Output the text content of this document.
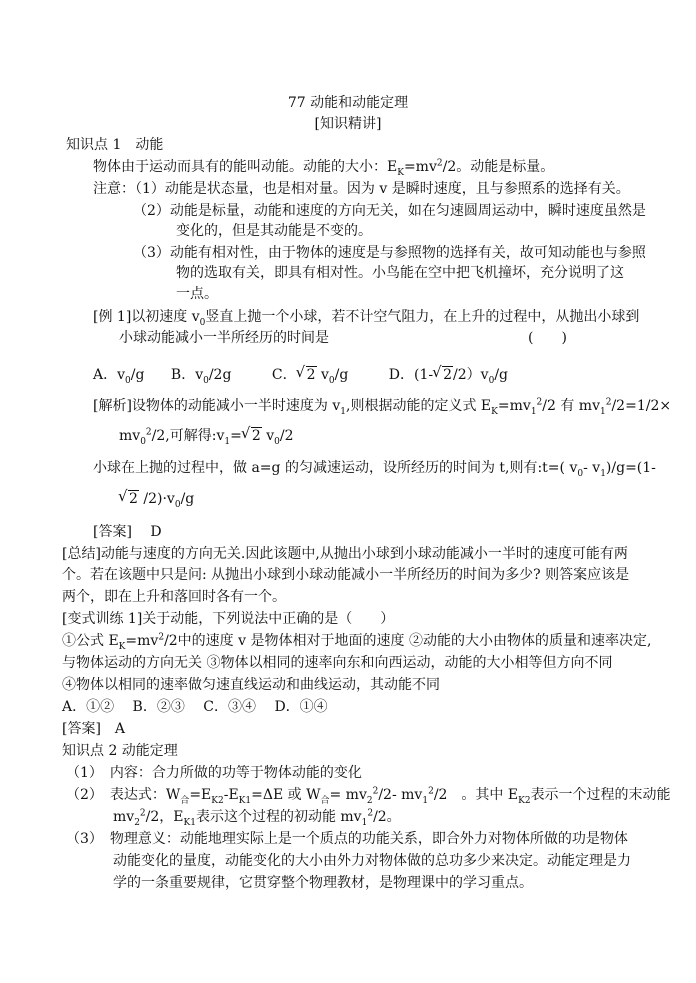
77 动能和动能定理
[知识精讲]
知识点 1　动能
物体由于运动而具有的能叫动能。动能的大小：$E_K=mv^2/2$。动能是标量。
注意：（1）动能是状态量，也是相对量。因为 v 是瞬时速度，且与参照系的选择有关。
（2）动能是标量，动能和速度的方向无关，如在匀速圆周运动中，瞬时速度虽然是
变化的，但是其动能是不变的。
（3）动能有相对性，由于物体的速度是与参照物的选择有关，故可知动能也与参照
物的选取有关，即具有相对性。小鸟能在空中把飞机撞坏，充分说明了这
一点。
[例 1]以初速度 $v_0$竖直上抛一个小球，若不计空气阻力，在上升的过程中，从抛出小球到
小球动能减小一半所经历的时间是	(　　)
A．$v_0/g$ B．$v_0/2g$	C．√ 2 $v_0/g$	D．(1-√ $2/2)v_0/g$
[解析]设物体的动能减小一半时速度为 $v_1$,则根据动能的定义式 $E_K=mv_1^2/2$ 有 $mv_1^2/2=1/2\times$
$mv_0^2/2$,可解得$:v_1=√$ 2 $v_0/2$
小球在上抛的过程中，做 a=g 的匀减速运动，设所经历的时间为 t,则有:t=( $v_0-$ $v_1)/g=(1-$
√ 2 $/2)\cdot v_0/g$
[答案]　 D
[总结]动能与速度的方向无关.因此该题中,从抛出小球到小球动能减小一半时的速度可能有两
个。若在该题中只是问: 从抛出小球到小球动能减小一半所经历的时间为多少? 则答案应该是
两个，即在上升和落回时各有一个。
[变式训练 1]关于动能，下列说法中正确的是（　　）
①公式 $E_K=mv^2/2$中的速度 v 是物体相对于地面的速度 ②动能的大小由物体的质量和速率决定,
与物体运动的方向无关 ③物体以相同的速率向东和向西运动，动能的大小相等但方向不同
④物体以相同的速率做匀速直线运动和曲线运动，其动能不同
A．①②　 B．②③　 C．③④　 D．①④
[答案]　A
知识点 2 动能定理
（1）　内容：合力所做的功等于物体动能的变化
（2）　表达式：$W_合=E_{K2}-E_{K1}=\Delta E$ 或 $W_合= mv_2^2/2-$ $mv_1^2/2$　。其中 $E_{K2}$表示一个过程的末动能
$mv_2^2/2$，$E_{K1}$表示这个过程的初动能 $mv_1^2/2$。
（3）　物理意义：动能地理实际上是一个质点的功能关系，即合外力对物体所做的功是物体
动能变化的量度，动能变化的大小由外力对物体做的总功多少来决定。动能定理是力
学的一条重要规律，它贯穿整个物理教材，是物理课中的学习重点。
